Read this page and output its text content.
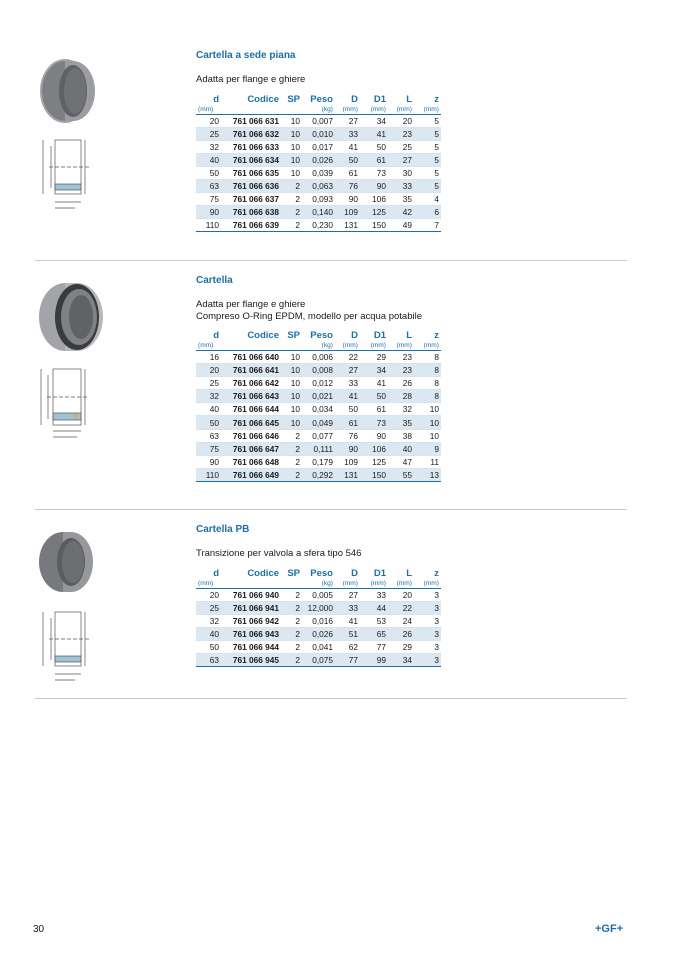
Cartella a sede piana

Adatta per flange e ghiere

d	Codice	SP	Peso	D	D1	L	z
(mm)			(kg)	(mm)	(mm)	(mm)	(mm)
20	761 066 631	10	0,007	27	34	20	5
25	761 066 632	10	0,010	33	41	23	5
32	761 066 633	10	0,017	41	50	25	5
40	761 066 634	10	0,026	50	61	27	5
50	761 066 635	10	0,039	61	73	30	5
63	761 066 636	2	0,063	76	90	33	5
75	761 066 637	2	0,093	90	106	35	4
90	761 066 638	2	0,140	109	125	42	6
110	761 066 639	2	0,230	131	150	49	7

Cartella

Adatta per flange e ghiere

Compreso O-Ring EPDM, modello per acqua potabile

d	Codice	SP	Peso	D	D1	L	z
(mm)			(kg)	(mm)	(mm)	(mm)	(mm)
16	761 066 640	10	0,006	22	29	23	8
20	761 066 641	10	0,008	27	34	23	8
25	761 066 642	10	0,012	33	41	26	8
32	761 066 643	10	0,021	41	50	28	8
40	761 066 644	10	0,034	50	61	32	10
50	761 066 645	10	0,049	61	73	35	10
63	761 066 646	2	0,077	76	90	38	10
75	761 066 647	2	0,111	90	106	40	9
90	761 066 648	2	0,179	109	125	47	11
110	761 066 649	2	0,292	131	150	55	13

Cartella PB

Transizione per valvola a sfera tipo 546

d	Codice	SP	Peso	D	D1	L	z
(mm)			(kg)	(mm)	(mm)	(mm)	(mm)
20	761 066 940	2	0,005	27	33	20	3
25	761 066 941	2	12,000	33	44	22	3
32	761 066 942	2	0,016	41	53	24	3
40	761 066 943	2	0,026	51	65	26	3
50	761 066 944	2	0,041	62	77	29	3
63	761 066 945	2	0,075	77	99	34	3
30	+GF+
